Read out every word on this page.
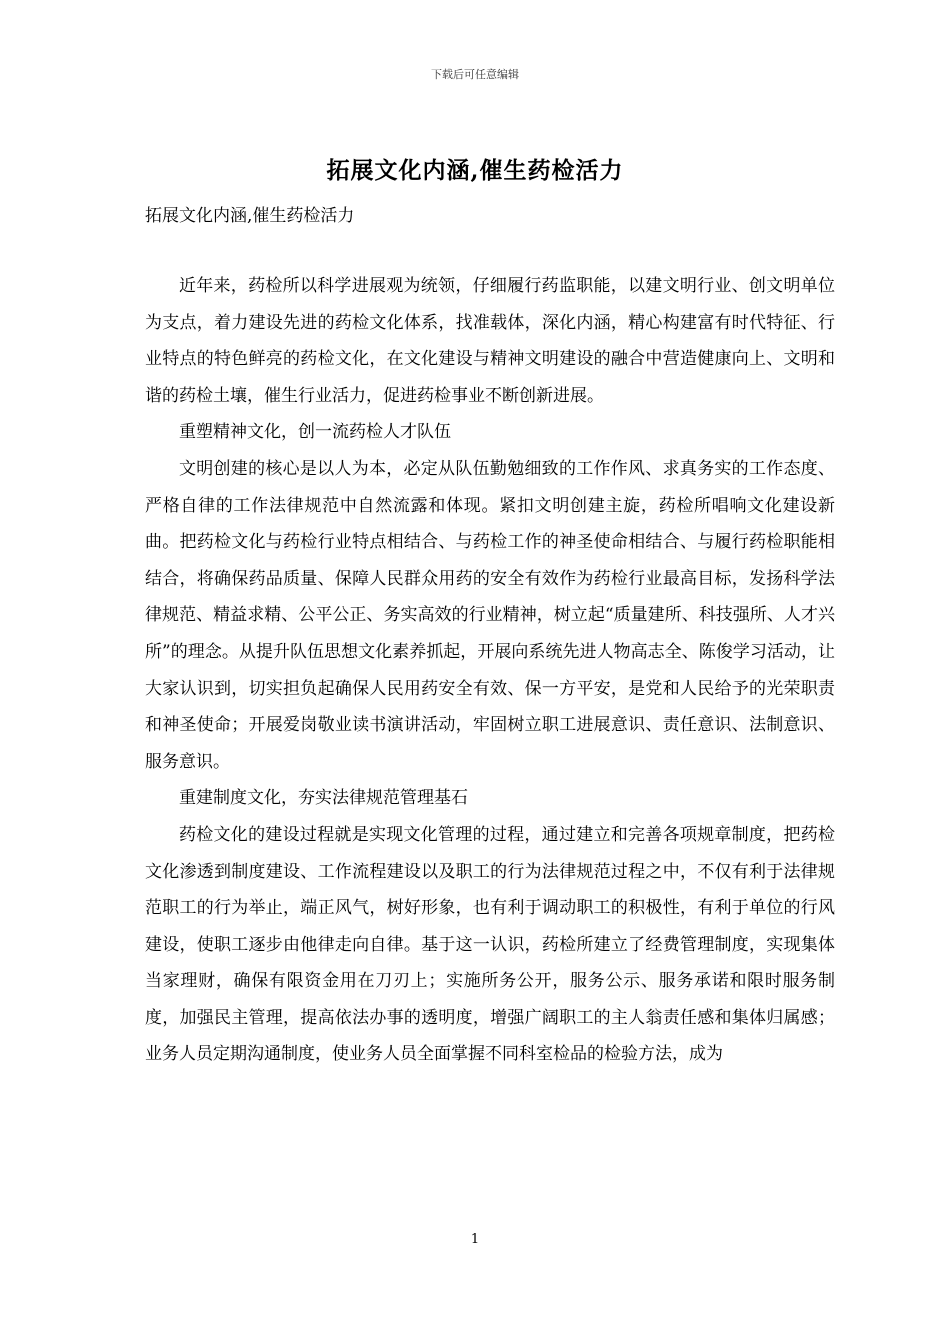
下载后可任意编辑
拓展文化内涵,催生药检活力
拓展文化内涵,催生药检活力

近年来，药检所以科学进展观为统领，仔细履行药监职能，以建文明行业、创文明单位为支点，着力建设先进的药检文化体系，找准载体，深化内涵，精心构建富有时代特征、行业特点的特色鲜亮的药检文化，在文化建设与精神文明建设的融合中营造健康向上、文明和谐的药检土壤，催生行业活力，促进药检事业不断创新进展。

重塑精神文化，创一流药检人才队伍

文明创建的核心是以人为本，必定从队伍勤勉细致的工作作风、求真务实的工作态度、严格自律的工作法律规范中自然流露和体现。紧扣文明创建主旋，药检所唱响文化建设新曲。把药检文化与药检行业特点相结合、与药检工作的神圣使命相结合、与履行药检职能相结合，将确保药品质量、保障人民群众用药的安全有效作为药检行业最高目标，发扬科学法律规范、精益求精、公平公正、务实高效的行业精神，树立起“质量建所、科技强所、人才兴所”的理念。从提升队伍思想文化素养抓起，开展向系统先进人物高志全、陈俊学习活动，让大家认识到，切实担负起确保人民用药安全有效、保一方平安，是党和人民给予的光荣职责和神圣使命；开展爱岗敬业读书演讲活动，牢固树立职工进展意识、责任意识、法制意识、服务意识。

重建制度文化，夯实法律规范管理基石

药检文化的建设过程就是实现文化管理的过程，通过建立和完善各项规章制度，把药检文化渗透到制度建设、工作流程建设以及职工的行为法律规范过程之中，不仅有利于法律规范职工的行为举止，端正风气，树好形象，也有利于调动职工的积极性，有利于单位的行风建设，使职工逐步由他律走向自律。基于这一认识，药检所建立了经费管理制度，实现集体当家理财，确保有限资金用在刀刃上；实施所务公开，服务公示、服务承诺和限时服务制度，加强民主管理，提高依法办事的透明度，增强广阔职工的主人翁责任感和集体归属感；业务人员定期沟通制度，使业务人员全面掌握不同科室检品的检验方法，成为

1
